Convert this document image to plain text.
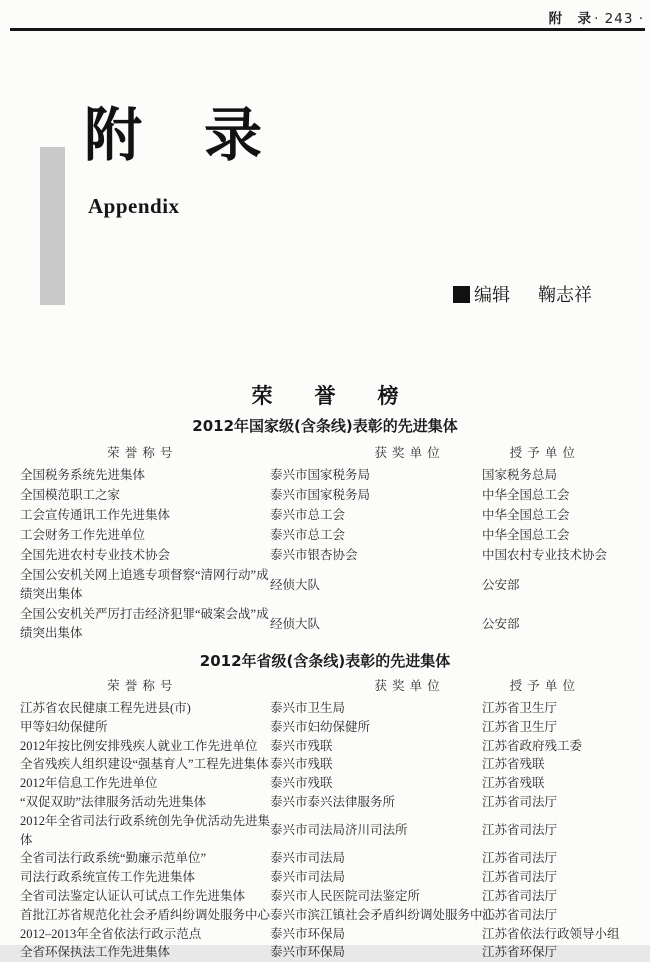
附　录 · 243 ·
附　录
Appendix
编辑 鞠志祥
荣　　誉　　榜
2012年国家级(含条线)表彰的先进集体
荣 誉 称 号	获 奖 单 位	授 予 单 位
全国税务系统先进集体	泰兴市国家税务局	国家税务总局
全国模范职工之家	泰兴市国家税务局	中华全国总工会
工会宣传通讯工作先进集体	泰兴市总工会	中华全国总工会
工会财务工作先进单位	泰兴市总工会	中华全国总工会
全国先进农村专业技术协会	泰兴市银杏协会	中国农村专业技术协会
全国公安机关网上追逃专项督察“清网行动”成绩突出集体
经侦大队	公安部
全国公安机关严厉打击经济犯罪“破案会战”成绩突出集体
经侦大队	公安部
2012年省级(含条线)表彰的先进集体
荣 誉 称 号	获 奖 单 位	授 予 单 位
江苏省农民健康工程先进县(市)	泰兴市卫生局	江苏省卫生厅
甲等妇幼保健所	泰兴市妇幼保健所	江苏省卫生厅
2012年按比例安排残疾人就业工作先进单位 泰兴市残联	江苏省政府残工委
全省残疾人组织建设“强基育人”工程先进集体 泰兴市残联	江苏省残联
2012年信息工作先进单位	泰兴市残联	江苏省残联
“双促双助”法律服务活动先进集体	泰兴市泰兴法律服务所	江苏省司法厅
2012年全省司法行政系统创先争优活动先进集体
泰兴市司法局济川司法所	江苏省司法厅
全省司法行政系统“勤廉示范单位”	泰兴市司法局	江苏省司法厅
司法行政系统宣传工作先进集体	泰兴市司法局	江苏省司法厅
全省司法鉴定认证认可试点工作先进集体	泰兴市人民医院司法鉴定所	江苏省司法厅
首批江苏省规范化社会矛盾纠纷调处服务中心 泰兴市滨江镇社会矛盾纠纷调处服务中心
江苏省司法厅
2012–2013年全省依法行政示范点	泰兴市环保局	江苏省依法行政领导小组
全省环保执法工作先进集体	泰兴市环保局	江苏省环保厅
